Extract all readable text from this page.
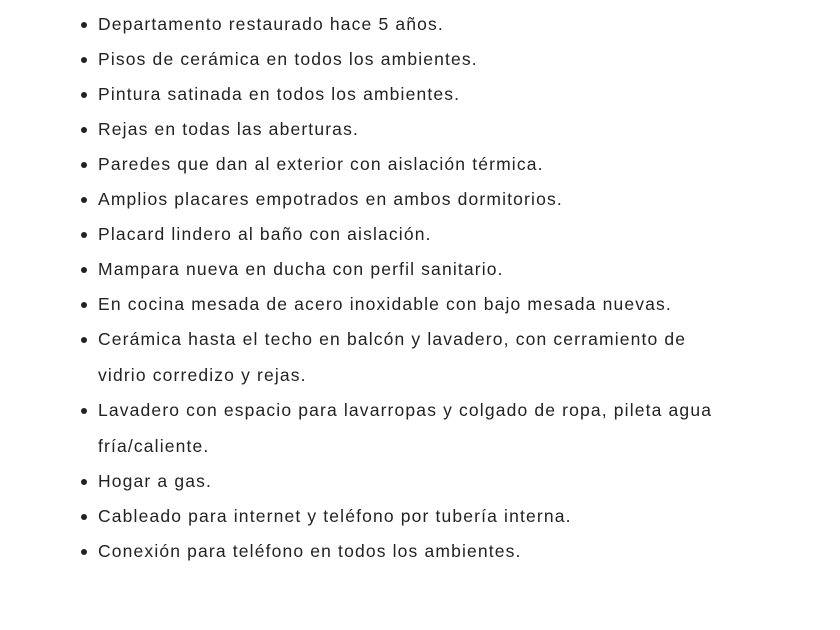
Departamento restaurado hace 5 años.
Pisos de cerámica en todos los ambientes.
Pintura satinada en todos los ambientes.
Rejas en todas las aberturas.
Paredes que dan al exterior con aislación térmica.
Amplios placares empotrados en ambos dormitorios.
Placard lindero al baño con aislación.
Mampara nueva en ducha con perfil sanitario.
En cocina mesada de acero inoxidable con bajo mesada nuevas.
Cerámica hasta el techo en balcón y lavadero, con cerramiento de
vidrio corredizo y rejas.
Lavadero con espacio para lavarropas y colgado de ropa, pileta agua
fría/caliente.
Hogar a gas.
Cableado para internet y teléfono por tubería interna.
Conexión para teléfono en todos los ambientes.
